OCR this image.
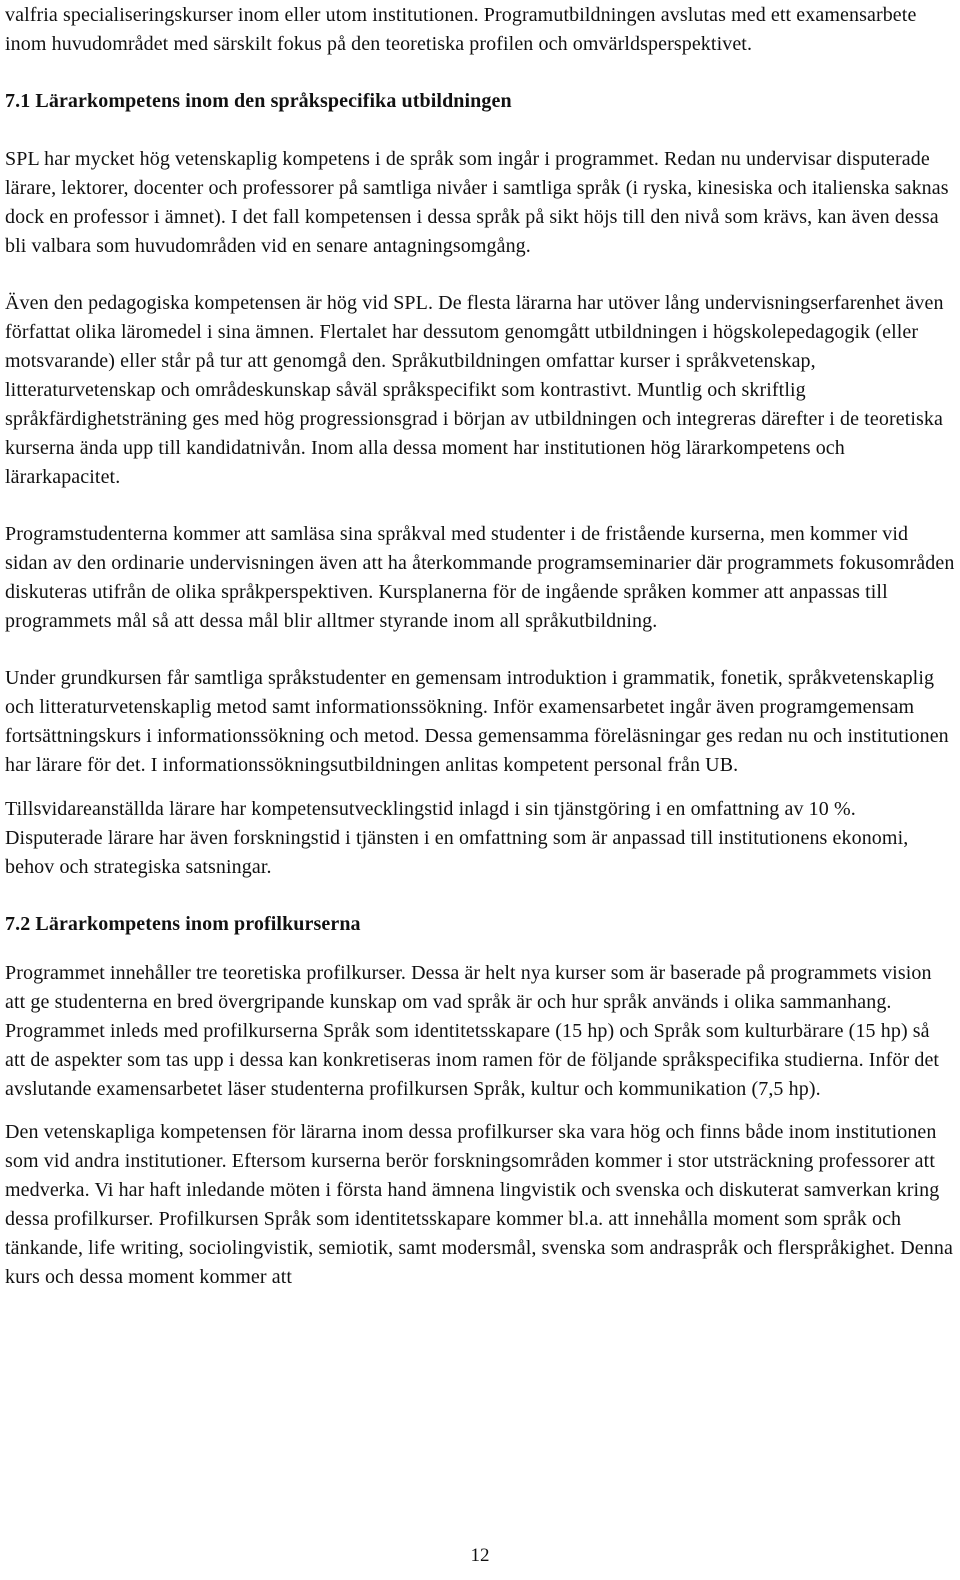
valfria specialiseringskurser inom eller utom institutionen. Programutbildningen avslutas med ett examensarbete inom huvudområdet med särskilt fokus på den teoretiska profilen och omvärldsperspektivet.

7.1 Lärarkompetens inom den språkspecifika utbildningen

SPL har mycket hög vetenskaplig kompetens i de språk som ingår i programmet. Redan nu undervisar disputerade lärare, lektorer, docenter och professorer på samtliga nivåer i samtliga språk (i ryska, kinesiska och italienska saknas dock en professor i ämnet). I det fall kompetensen i dessa språk på sikt höjs till den nivå som krävs, kan även dessa bli valbara som huvudområden vid en senare antagningsomgång.

Även den pedagogiska kompetensen är hög vid SPL. De flesta lärarna har utöver lång undervisningserfarenhet även författat olika läromedel i sina ämnen. Flertalet har dessutom genomgått utbildningen i högskolepedagogik (eller motsvarande) eller står på tur att genomgå den. Språkutbildningen omfattar kurser i språkvetenskap, litteraturvetenskap och områdeskunskap såväl språkspecifikt som kontrastivt. Muntlig och skriftlig språkfärdighetsträning ges med hög progressionsgrad i början av utbildningen och integreras därefter i de teoretiska kurserna ända upp till kandidatnivån. Inom alla dessa moment har institutionen hög lärarkompetens och lärarkapacitet.

Programstudenterna kommer att samläsa sina språkval med studenter i de fristående kurserna, men kommer vid sidan av den ordinarie undervisningen även att ha återkommande programseminarier där programmets fokusområden diskuteras utifrån de olika språkperspektiven. Kursplanerna för de ingående språken kommer att anpassas till programmets mål så att dessa mål blir alltmer styrande inom all språkutbildning.

Under grundkursen får samtliga språkstudenter en gemensam introduktion i grammatik, fonetik, språkvetenskaplig och litteraturvetenskaplig metod samt informationssökning. Inför examensarbetet ingår även programgemensam fortsättningskurs i informationssökning och metod. Dessa gemensamma föreläsningar ges redan nu och institutionen har lärare för det. I informationssökningsutbildningen anlitas kompetent personal från UB.

Tillsvidareanställda lärare har kompetensutvecklingstid inlagd i sin tjänstgöring i en omfattning av 10 %. Disputerade lärare har även forskningstid i tjänsten i en omfattning som är anpassad till institutionens ekonomi, behov och strategiska satsningar.

7.2 Lärarkompetens inom profilkurserna

Programmet innehåller tre teoretiska profilkurser. Dessa är helt nya kurser som är baserade på programmets vision att ge studenterna en bred övergripande kunskap om vad språk är och hur språk används i olika sammanhang. Programmet inleds med profilkurserna Språk som identitetsskapare (15 hp) och Språk som kulturbärare (15 hp) så att de aspekter som tas upp i dessa kan konkretiseras inom ramen för de följande språkspecifika studierna. Inför det avslutande examensarbetet läser studenterna profilkursen Språk, kultur och kommunikation (7,5 hp).

Den vetenskapliga kompetensen för lärarna inom dessa profilkurser ska vara hög och finns både inom institutionen som vid andra institutioner. Eftersom kurserna berör forskningsområden kommer i stor utsträckning professorer att medverka. Vi har haft inledande möten i första hand ämnena lingvistik och svenska och diskuterat samverkan kring dessa profilkurser. Profilkursen Språk som identitetsskapare kommer bl.a. att innehålla moment som språk och tänkande, life writing, sociolingvistik, semiotik, samt modersmål, svenska som andraspråk och flerspråkighet. Denna kurs och dessa moment kommer att

12
